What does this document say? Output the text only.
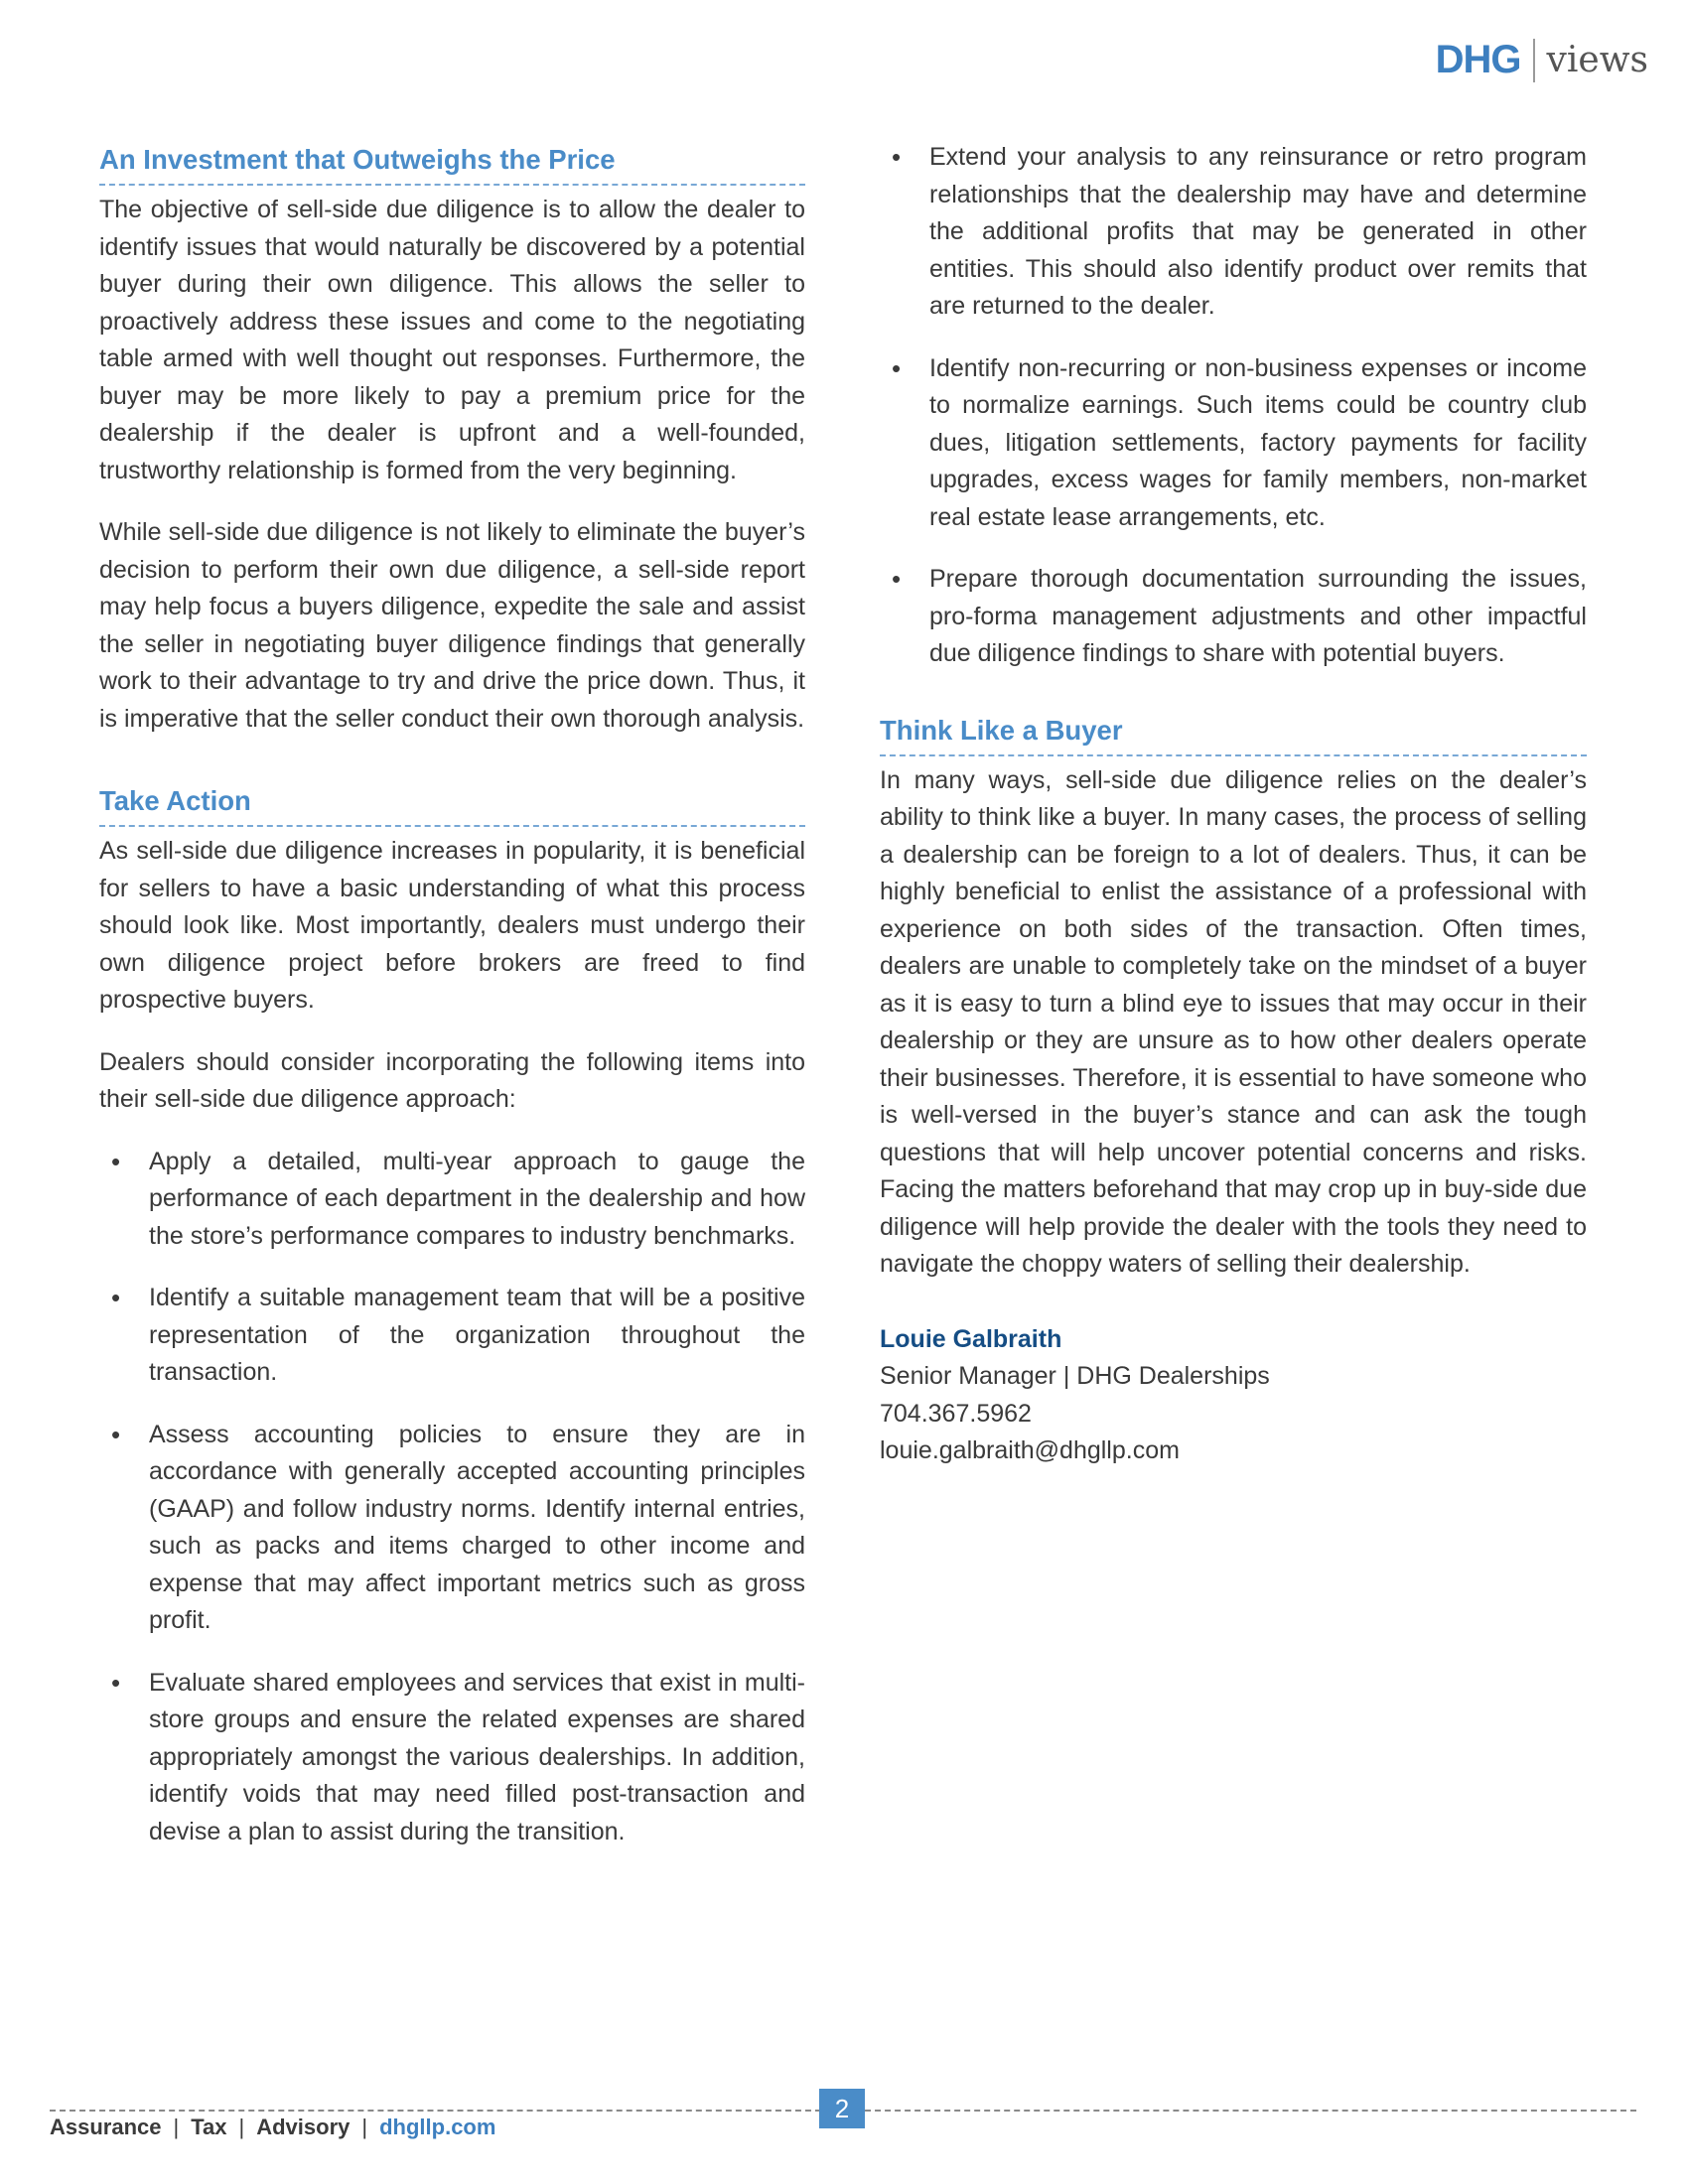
DHG views
An Investment that Outweighs the Price

The objective of sell-side due diligence is to allow the dealer to identify issues that would naturally be discovered by a potential buyer during their own diligence. This allows the seller to proactively address these issues and come to the negotiating table armed with well thought out responses. Furthermore, the buyer may be more likely to pay a premium price for the dealership if the dealer is upfront and a well-founded, trustworthy relationship is formed from the very beginning.

While sell-side due diligence is not likely to eliminate the buyer’s decision to perform their own due diligence, a sell-side report may help focus a buyers diligence, expedite the sale and assist the seller in negotiating buyer diligence findings that generally work to their advantage to try and drive the price down. Thus, it is imperative that the seller conduct their own thorough analysis.

Take Action

As sell-side due diligence increases in popularity, it is beneficial for sellers to have a basic understanding of what this process should look like. Most importantly, dealers must undergo their own diligence project before brokers are freed to find prospective buyers.

Dealers should consider incorporating the following items into their sell-side due diligence approach:

• Apply a detailed, multi-year approach to gauge the performance of each department in the dealership and how the store’s performance compares to industry benchmarks.
• Identify a suitable management team that will be a positive representation of the organization throughout the transaction.
• Assess accounting policies to ensure they are in accordance with generally accepted accounting principles (GAAP) and follow industry norms. Identify internal entries, such as packs and items charged to other income and expense that may affect important metrics such as gross profit.
• Evaluate shared employees and services that exist in multi-store groups and ensure the related expenses are shared appropriately amongst the various dealerships. In addition, identify voids that may need filled post-transaction and devise a plan to assist during the transition.
• Extend your analysis to any reinsurance or retro program relationships that the dealership may have and determine the additional profits that may be generated in other entities. This should also identify product over remits that are returned to the dealer.
• Identify non-recurring or non-business expenses or income to normalize earnings. Such items could be country club dues, litigation settlements, factory payments for facility upgrades, excess wages for family members, non-market real estate lease arrangements, etc.
• Prepare thorough documentation surrounding the issues, pro-forma management adjustments and other impactful due diligence findings to share with potential buyers.
Think Like a Buyer

In many ways, sell-side due diligence relies on the dealer’s ability to think like a buyer. In many cases, the process of selling a dealership can be foreign to a lot of dealers. Thus, it can be highly beneficial to enlist the assistance of a professional with experience on both sides of the transaction. Often times, dealers are unable to completely take on the mindset of a buyer as it is easy to turn a blind eye to issues that may occur in their dealership or they are unsure as to how other dealers operate their businesses. Therefore, it is essential to have someone who is well-versed in the buyer’s stance and can ask the tough questions that will help uncover potential concerns and risks. Facing the matters beforehand that may crop up in buy-side due diligence will help provide the dealer with the tools they need to navigate the choppy waters of selling their dealership.

Louie Galbraith
Senior Manager | DHG Dealerships
704.367.5962
louie.galbraith@dhgllp.com
2
Assurance | Tax | Advisory | dhgllp.com
